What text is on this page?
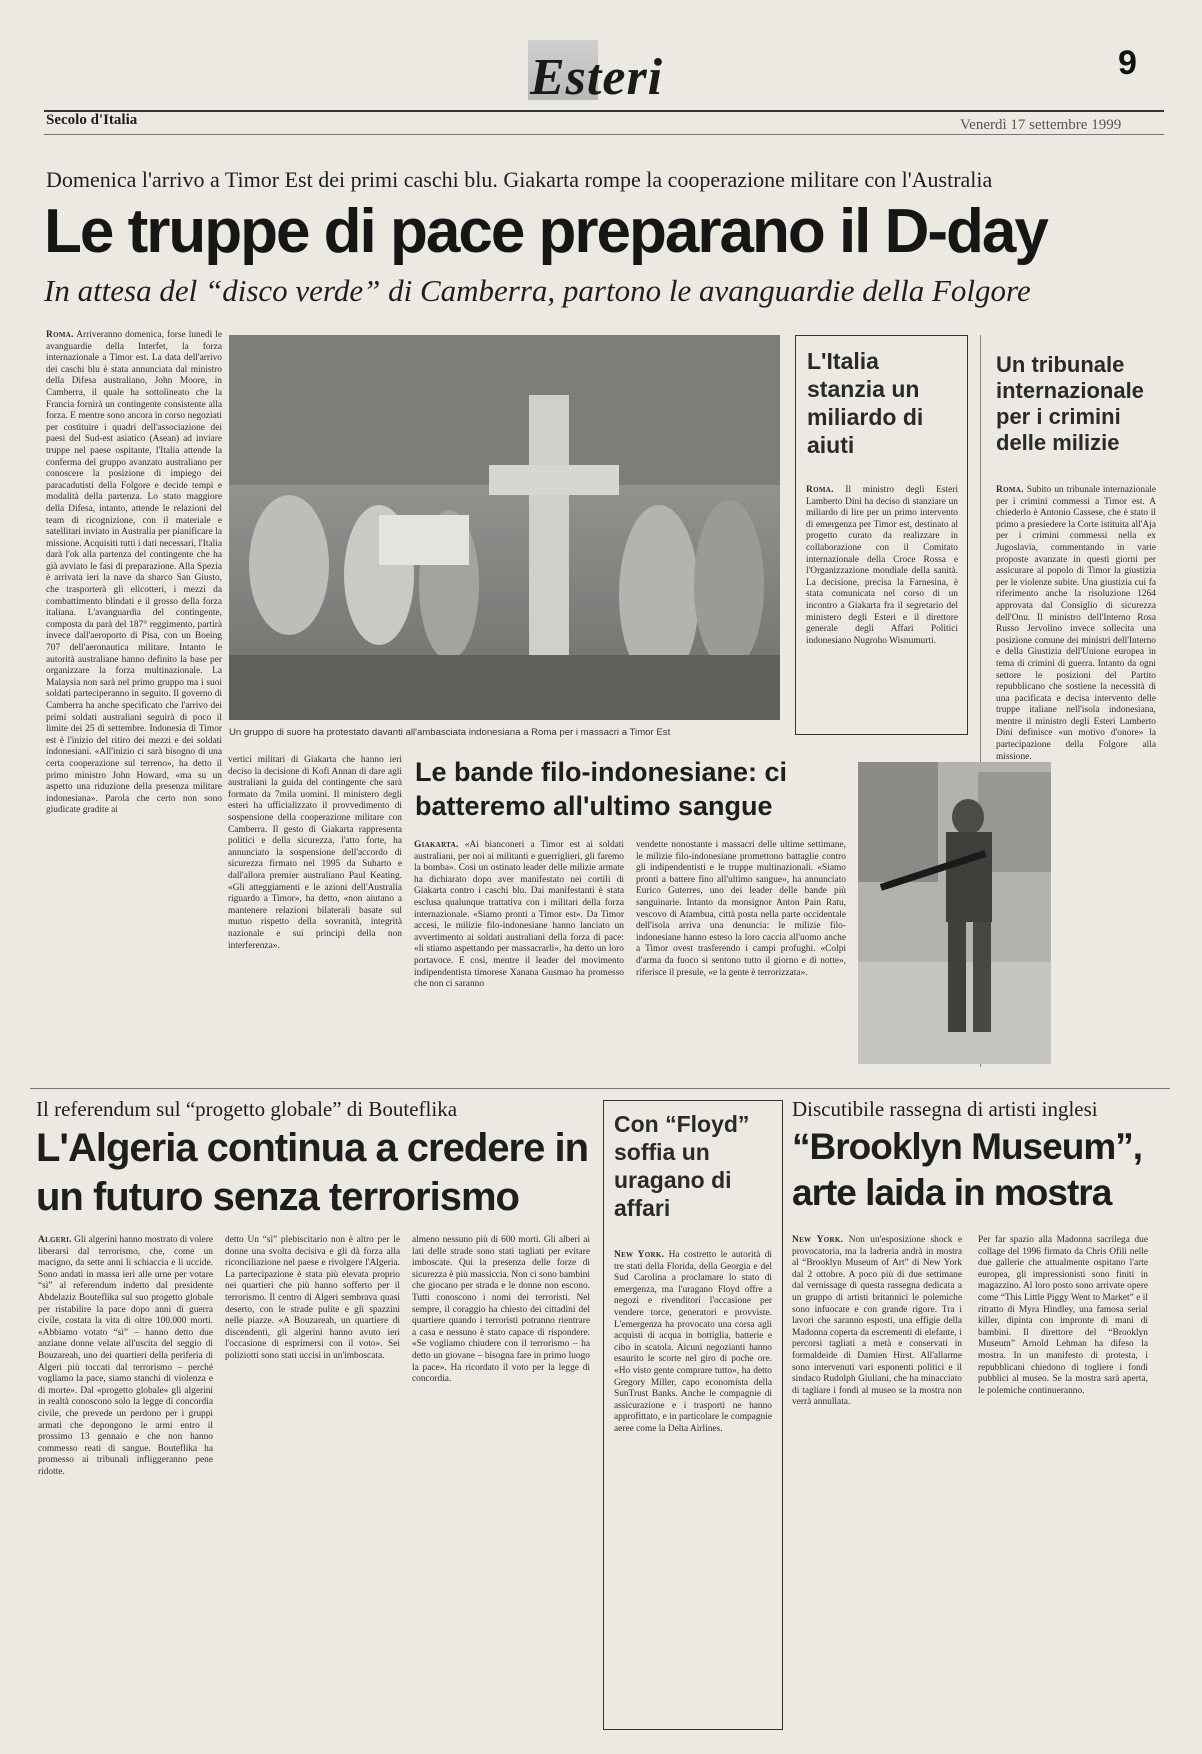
Esteri	9
Secolo d'Italia	Venerdì 17 settembre 1999
Domenica l'arrivo a Timor Est dei primi caschi blu. Giakarta rompe la cooperazione militare con l'Australia
Le truppe di pace preparano il D-day
In attesa del “disco verde” di Camberra, partono le avanguardie della Folgore

Roma. Arriveranno domenica, forse lunedì le avanguardie della Interfet, la forza internazionale a Timor est. La data dell'arrivo dei caschi blu è stata annunciata dal ministro della Difesa australiano, John Moore, in Camberra, il quale ha sottolineato che la Francia fornirà un contingente consistente alla forza. E mentre sono ancora in corso negoziati per costituire i quadri dell'associazione dei paesi del Sud-est asiatico (Asean) ad inviare truppe nel paese ospitante, l'Italia attende la conferma del gruppo avanzato australiano per conoscere la posizione di impiego dei paracadutisti della Folgore e decide tempi e modalità della partenza. Lo stato maggiore della Difesa, intanto, attende le relazioni del team di ricognizione, con il materiale e satellitari inviato in Australia per pianificare la missione. Acquisiti tutti i dati necessari, l'Italia darà l'ok alla partenza del contingente che ha già avviato le fasi di preparazione. Alla Spezia è arrivata ieri la nave da sbarco San Giusto, che trasporterà gli elicotteri, i mezzi da combattimento blindati e il grosso della forza italiana. L'avanguardia del contingente, composta da parà del 187° reggimento, partirà invece dall'aeroporto di Pisa, con un Boeing 707 dell'aeronautica militare. Intanto le autorità australiane hanno definito la base per organizzare la forza multinazionale. La Malaysia non sarà nel primo gruppo ma i suoi soldati parteciperanno in seguito. Il governo di Camberra ha anche specificato che l'arrivo dei primi soldati australiani seguirà di poco il limite dei 25 di settembre. Indonesia di Timor est è l'inizio del ritiro dei mezzi e dei soldati indonesiani. «All'inizio ci sarà bisogno di una certa cooperazione sul terreno», ha detto il primo ministro John Howard, «ma su un aspetto una riduzione della presenza militare indonesiana». Parola che certo non sono giudicate gradite ai

vertici militari di Giakarta che hanno ieri deciso la decisione di Kofi Annan di dare agli australiani la guida del contingente che sarà formato da 7mila uomini. Il ministero degli esteri ha ufficializzato il provvedimento di sospensione della cooperazione militare con Camberra. Il gesto di Giakarta rappresenta politici e della sicurezza, l'atto forte, ha annunciato la sospensione dell'accordo di sicurezza firmato nel 1995 da Suharto e dall'allora premier australiano Paul Keating. «Gli atteggiamenti e le azioni dell'Australia riguardo a Timor», ha detto, «non aiutano a mantenere relazioni bilaterali basate sul mutuo rispetto della sovranità, integrità nazionale e sui principi della non interferenza».

Un gruppo di suore ha protestato davanti all'ambasciata indonesiana a Roma per i massacri a Timor Est
L'Italia stanzia un miliardo di aiuti

Roma. Il ministro degli Esteri Lamberto Dini ha deciso di stanziare un miliardo di lire per un primo intervento di emergenza per Timor est, destinato al progetto curato da realizzare in collaborazione con il Comitato internazionale della Croce Rossa e l'Organizzazione mondiale della sanità. La decisione, precisa la Farnesina, è stata comunicata nel corso di un incontro a Giakarta fra il segretario del ministero degli Esteri e il direttore generale degli Affari Politici indonesiano Nugroho Wisnumurti.

Un tribunale internazionale per i crimini delle milizie

Roma. Subito un tribunale internazionale per i crimini commessi a Timor est. A chiederlo è Antonio Cassese, che è stato il primo a presiedere la Corte istituita all'Aja per i crimini commessi nella ex Jugoslavia, commentando in varie proposte avanzate in questi giorni per assicurare al popolo di Timor la giustizia per le violenze subite. Una giustizia cui fa riferimento anche la risoluzione 1264 approvata dal Consiglio di sicurezza dell'Onu. Il ministro dell'Interno Rosa Russo Jervolino invece sollecita una posizione comune dei ministri dell'Interno e della Giustizia dell'Unione europea in tema di crimini di guerra. Intanto da ogni settore le posizioni del Partito repubblicano che sostiene la necessità di una pacificata e decisa intervento delle truppe italiane nell'isola indonesiana, mentre il ministro degli Esteri Lamberto Dini definisce «un motivo d'onore» la partecipazione della Folgore alla missione.

Le bande filo-indonesiane: ci batteremo all'ultimo sangue

Giakarta. «Ai bianconeri a Timor est ai soldati australiani, per noi ai militanti e guerriglieri, gli faremo la bomba». Così un ostinato leader delle milizie armate ha dichiarato dopo aver manifestato nei cortili di Giakarta contro i caschi blu. Dai manifestanti è stata esclusa qualunque trattativa con i militari della forza internazionale. «Siamo pronti a Timor est». Da Timor accesi, le milizie filo-indonesiane hanno lanciato un avvertimento ai soldati australiani della forza di pace: «li stiamo aspettando per massacrarli», ha detto un loro portavoce. E così, mentre il leader del movimento indipendentista timorese Xanana Gusmao ha promesso che non ci saranno

vendette nonostante i massacri delle ultime settimane, le milizie filo-indonesiane promettono battaglie contro gli indipendentisti e le truppe multinazionali. «Siamo pronti a battere fino all'ultimo sangue», ha annunciato Eurico Guterres, uno dei leader delle bande più sanguinarie. Intanto da monsignor Anton Pain Ratu, vescovo di Atambua, città posta nella parte occidentale dell'isola arriva una denuncia: le milizie filo-indonesiane hanno esteso la loro caccia all'uomo anche a Timor ovest trasferendo i campi profughi. «Colpi d'arma da fuoco si sentono tutto il giorno e di notte», riferisce il presule, «e la gente è terrorizzata».

Il referendum sul “progetto globale” di Bouteflika
L'Algeria continua a credere in un futuro senza terrorismo

Algeri. Gli algerini hanno mostrato di volere liberarsi dal terrorismo, che, come un macigno, da sette anni li schiaccia e li uccide. Sono andati in massa ieri alle urne per votare “sì” al referendum indetto dal presidente Abdelaziz Bouteflika sul suo progetto globale per ristabilire la pace dopo anni di guerra civile, costata la vita di oltre 100.000 morti. «Abbiamo votato “sì” – hanno detto due anziane donne velate all'uscita del seggio di Bouzareah, uno dei quartieri della periferia di Algeri più toccati dal terrorismo – perché vogliamo la pace, siamo stanchi di violenza e di morte». Dal «progetto globale» gli algerini in realtà conoscono solo la legge di concordia civile, che prevede un perdono per i gruppi armati che depongono le armi entro il prossimo 13 gennaio e che non hanno commesso reati di sangue. Bouteflika ha promesso ai tribunali infliggeranno pene ridotte.

detto Un “sì” plebiscitario non è altro per le donne una svolta decisiva e gli dà forza alla riconciliazione nel paese e rivolgere l'Algeria. La partecipazione è stata più elevata proprio nei quartieri che più hanno sofferto per il terrorismo. Il centro di Algeri sembrava quasi deserto, con le strade pulite e gli spazzini nelle piazze. «A Bouzareah, un quartiere di discendenti, gli algerini hanno avuto ieri l'occasione di esprimersi con il voto». Sei poliziotti sono stati uccisi in un'imboscata.

almeno nessuno più di 600 morti. Gli alberi ai lati delle strade sono stati tagliati per evitare imboscate. Qui la presenza delle forze di sicurezza è più massiccia. Non ci sono bambini che giocano per strada e le donne non escono. Tutti conoscono i nomi dei terroristi. Nel sempre, il coraggio ha chiesto dei cittadini del quartiere quando i terroristi potranno rientrare a casa e nessuno è stato capace di rispondere. «Se vogliamo chiudere con il terrorismo – ha detto un giovane – bisogna fare in primo luogo la pace». Ha ricordato il voto per la legge di concordia.

Con “Floyd” soffia un uragano di affari

New York. Ha costretto le autorità di tre stati della Florida, della Georgia e del Sud Carolina a proclamare lo stato di emergenza, ma l'uragano Floyd offre a negozi e rivenditori l'occasione per vendere torce, generatori e provviste. L'emergenza ha provocato una corsa agli acquisti di acqua in bottiglia, batterie e cibo in scatola. Alcuni negozianti hanno esaurito le scorte nel giro di poche ore. «Ho visto gente comprare tutto», ha detto Gregory Miller, capo economista della SunTrust Banks. Anche le compagnie di assicurazione e i trasporti ne hanno approfittato, e in particolare le compagnie aeree come la Delta Airlines.

Discutibile rassegna di artisti inglesi
“Brooklyn Museum”, arte laida in mostra

New York. Non un'esposizione shock e provocatoria, ma la ladreria andrà in mostra al “Brooklyn Museum of Art” di New York dal 2 ottobre. A poco più di due settimane dal vernissage di questa rassegna dedicata a un gruppo di artisti britannici le polemiche sono infuocate e con grande rigore. Tra i lavori che saranno esposti, una effigie della Madonna coperta da escrementi di elefante, i percorsi tagliati a metà e conservati in formaldeide di Damien Hirst. All'allarme sono intervenuti vari esponenti politici e il sindaco Rudolph Giuliani, che ha minacciato di tagliare i fondi al museo se la mostra non verrà annullata.

Per far spazio alla Madonna sacrilega due collage del 1996 firmato da Chris Ofili nelle due gallerie che attualmente ospitano l'arte europea, gli impressionisti sono finiti in magazzino. Al loro posto sono arrivate opere come “This Little Piggy Went to Market” e il ritratto di Myra Hindley, una famosa serial killer, dipinta con impronte di mani di bambini. Il direttore del “Brooklyn Museum” Arnold Lehman ha difeso la mostra. In un manifesto di protesta, i repubblicani chiedono di togliere i fondi pubblici al museo. Se la mostra sarà aperta, le polemiche continueranno.
